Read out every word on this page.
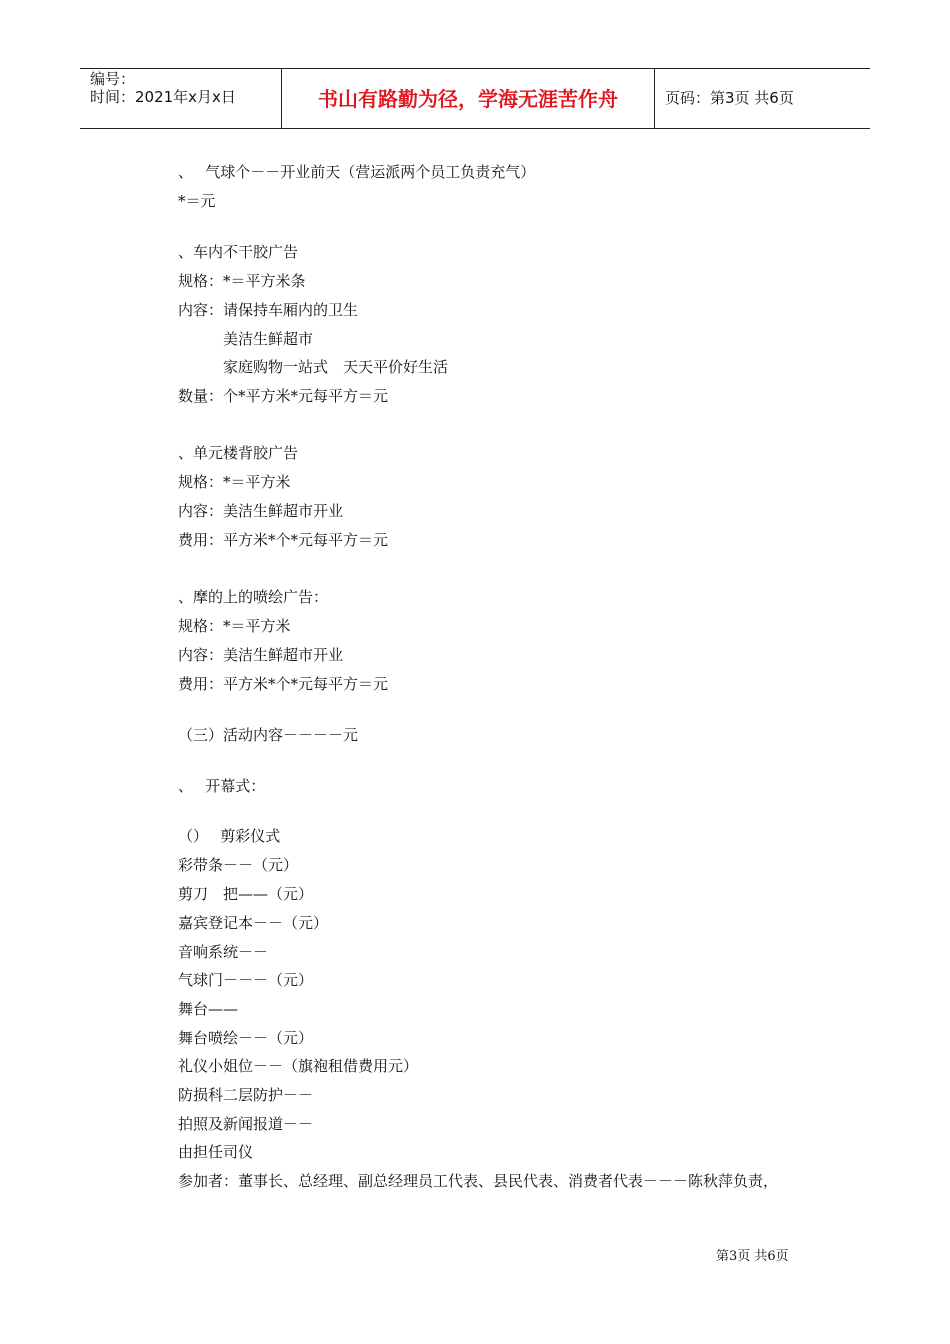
编号：
时间：2021年x月x日	书山有路勤为径，学海无涯苦作舟	页码：第3页 共6页
、　 气球个－－开业前天（营运派两个员工负责充气）
*＝元
、车内不干胶广告
规格：*＝平方米条
内容：请保持车厢内的卫生
　　　美洁生鲜超市
　　　家庭购物一站式　天天平价好生活
数量：个*平方米*元每平方＝元
、单元楼背胶广告
规格：*＝平方米
内容：美洁生鲜超市开业
费用：平方米*个*元每平方＝元
、摩的上的喷绘广告：
规格：*＝平方米
内容：美洁生鲜超市开业
费用：平方米*个*元每平方＝元
（三）活动内容－－－－元
、　 开幕式：
（）　 剪彩仪式
彩带条－－（元）
剪刀　把——（元）
嘉宾登记本－－（元）
音响系统－－
气球门－－－（元）
舞台——
舞台喷绘－－（元）
礼仪小姐位－－（旗袍租借费用元）
防损科二层防护－－
拍照及新闻报道－－
由担任司仪
参加者：董事长、总经理、副总经理员工代表、县民代表、消费者代表－－－陈秋萍负责，
第3页 共6页
